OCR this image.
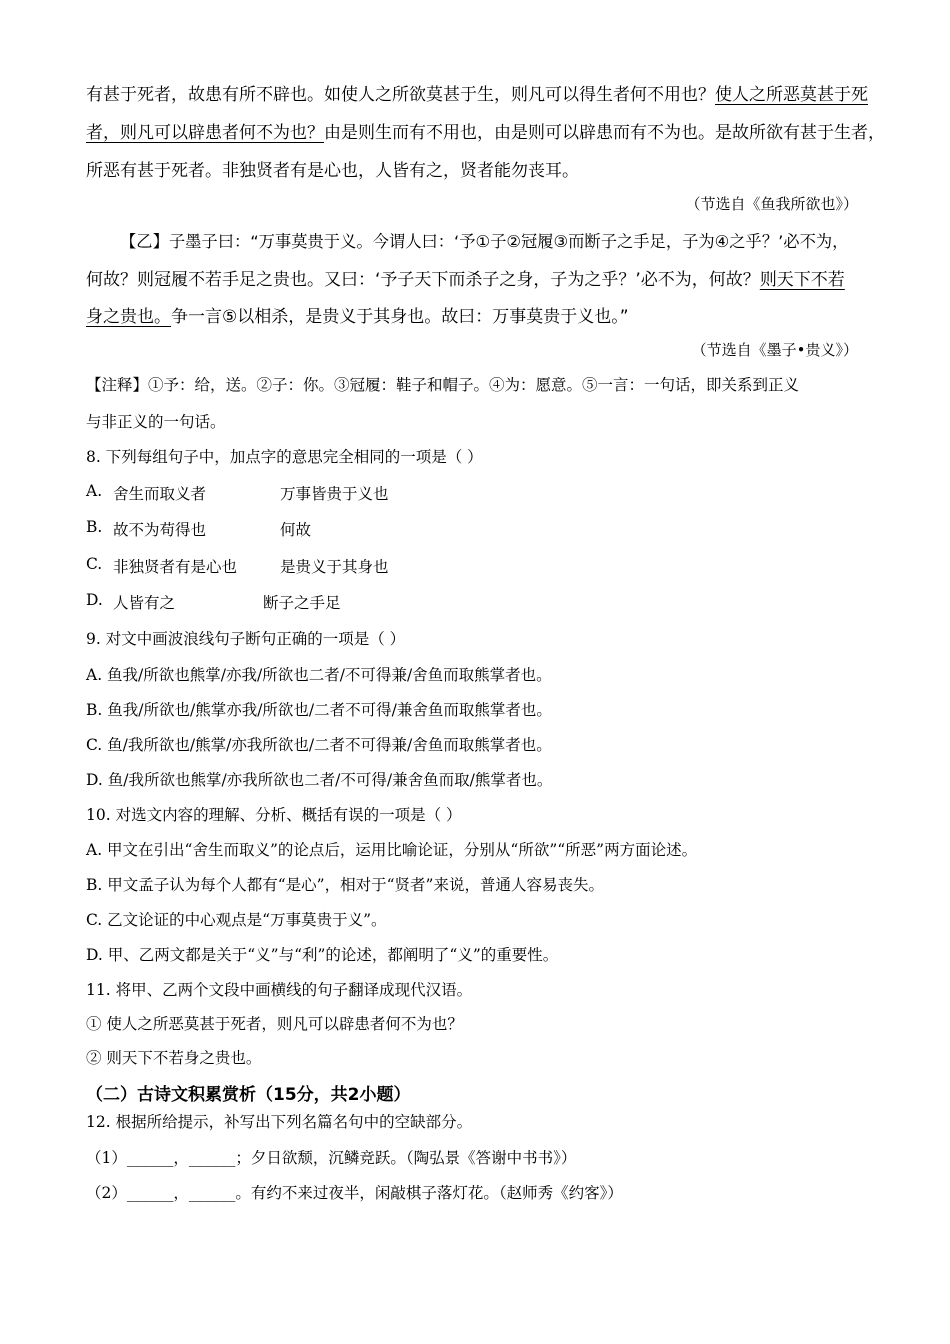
有甚于死者，故患有所不辟也。如使人之所欲莫甚于生，则凡可以得生者何不用也？使人之所恶莫甚于死
者，则凡可以辟患者何不为也？由是则生而有不用也，由是则可以辟患而有不为也。是故所欲有甚于生者，
所恶有甚于死者。非独贤者有是心也，人皆有之，贤者能勿丧耳。
（节选自《鱼我所欲也》）
【乙】子墨子曰：“万事莫贵于义。今谓人曰：‘予①子②冠履③而断子之手足，子为④之乎？’必不为，
何故？则冠履不若手足之贵也。又曰：‘予子天下而杀子之身，子为之乎？’必不为，何故？则天下不若
身之贵也。争一言⑤以相杀，是贵义于其身也。故曰：万事莫贵于义也。”
（节选自《墨子•贵义》）
【注释】①予：给，送。②子：你。③冠履：鞋子和帽子。④为：愿意。⑤一言：一句话，即关系到正义
与非正义的一句话。
8. 下列每组句子中，加点字的意思完全相同的一项是（ ）
A. 舍生而取义者	万事皆贵于义也
B. 故不为苟得也	何故
C. 非独贤者有是心也	是贵义于其身也
D. 人皆有之	断子之手足
9. 对文中画波浪线句子断句正确的一项是（ ）
A. 鱼我/所欲也熊掌/亦我/所欲也二者/不可得兼/舍鱼而取熊掌者也。
B. 鱼我/所欲也/熊掌亦我/所欲也/二者不可得/兼舍鱼而取熊掌者也。
C. 鱼/我所欲也/熊掌/亦我所欲也/二者不可得兼/舍鱼而取熊掌者也。
D. 鱼/我所欲也熊掌/亦我所欲也二者/不可得/兼舍鱼而取/熊掌者也。
10. 对选文内容的理解、分析、概括有误的一项是（ ）
A. 甲文在引出“舍生而取义”的论点后，运用比喻论证，分别从“所欲”“所恶”两方面论述。
B. 甲文孟子认为每个人都有“是心”，相对于“贤者”来说，普通人容易丧失。
C. 乙文论证的中心观点是“万事莫贵于义”。
D. 甲、乙两文都是关于“义”与“利”的论述，都阐明了“义”的重要性。
11. 将甲、乙两个文段中画横线的句子翻译成现代汉语。
① 使人之所恶莫甚于死者，则凡可以辟患者何不为也？
② 则天下不若身之贵也。
（二）古诗文积累赏析（15分，共2小题）
12. 根据所给提示，补写出下列名篇名句中的空缺部分。
（1）______，______；夕日欲颓，沉鳞竞跃。（陶弘景《答谢中书书》）
（2）______，______。有约不来过夜半，闲敲棋子落灯花。（赵师秀《约客》）
